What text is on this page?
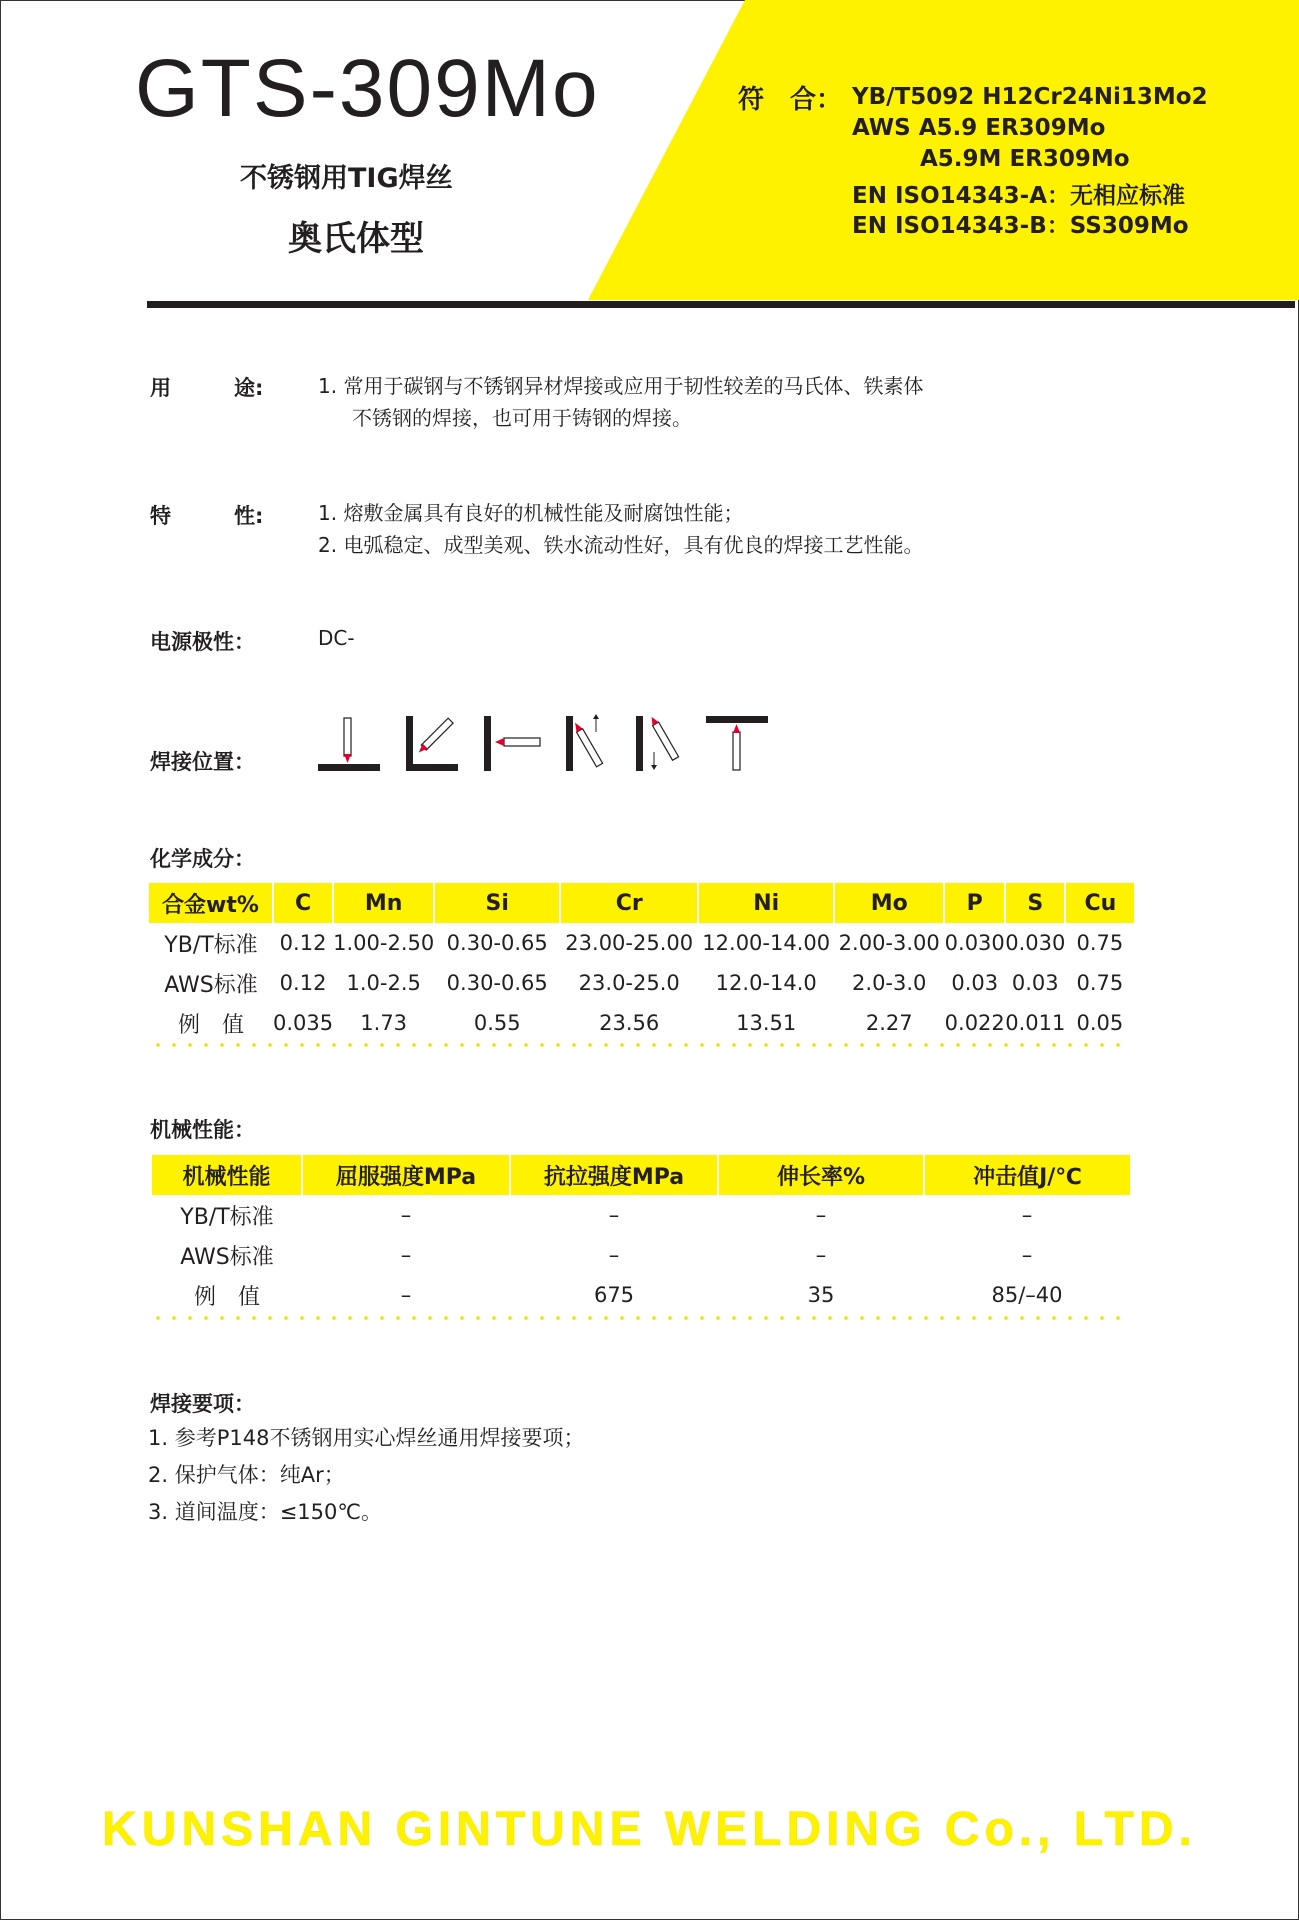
GTS-309Mo
不锈钢用TIG焊丝
奥氏体型
符　合： YB/T5092 H12Cr24Ni13Mo2
AWS A5.9 ER309Mo
A5.9M ER309Mo
EN ISO14343-A：无相应标准
EN ISO14343-B：SS309Mo
用　　　途:	1. 常用于碳钢与不锈钢异材焊接或应用于韧性较差的马氏体、铁素体
不锈钢的焊接，也可用于铸钢的焊接。
特　　　性:	1. 熔敷金属具有良好的机械性能及耐腐蚀性能；
2. 电弧稳定、成型美观、铁水流动性好，具有优良的焊接工艺性能。
电源极性：	DC-
焊接位置：
化学成分：
合金wt%	C	Mn	Si	Cr	Ni	Mo	P	S	Cu
YB/T标准	0.12	1.00-2.50	0.30-0.65	23.00-25.00	12.00-14.00	2.00-3.00	0.030	0.030	0.75
AWS标准	0.12	1.0-2.5	0.30-0.65	23.0-25.0	12.0-14.0	2.0-3.0	0.03	0.03	0.75
例　值	0.035	1.73	0.55	23.56	13.51	2.27	0.022	0.011	0.05
机械性能：
机械性能	屈服强度MPa	抗拉强度MPa	伸长率%	冲击值J/℃
YB/T标准	–	–	–	–
AWS标准	–	–	–	–
例　值	–	675	35	85/–40
焊接要项：
1. 参考P148不锈钢用实心焊丝通用焊接要项；
2. 保护气体：纯Ar；
3. 道间温度：≤150℃。
KUNSHAN GINTUNE WELDING Co., LTD.
